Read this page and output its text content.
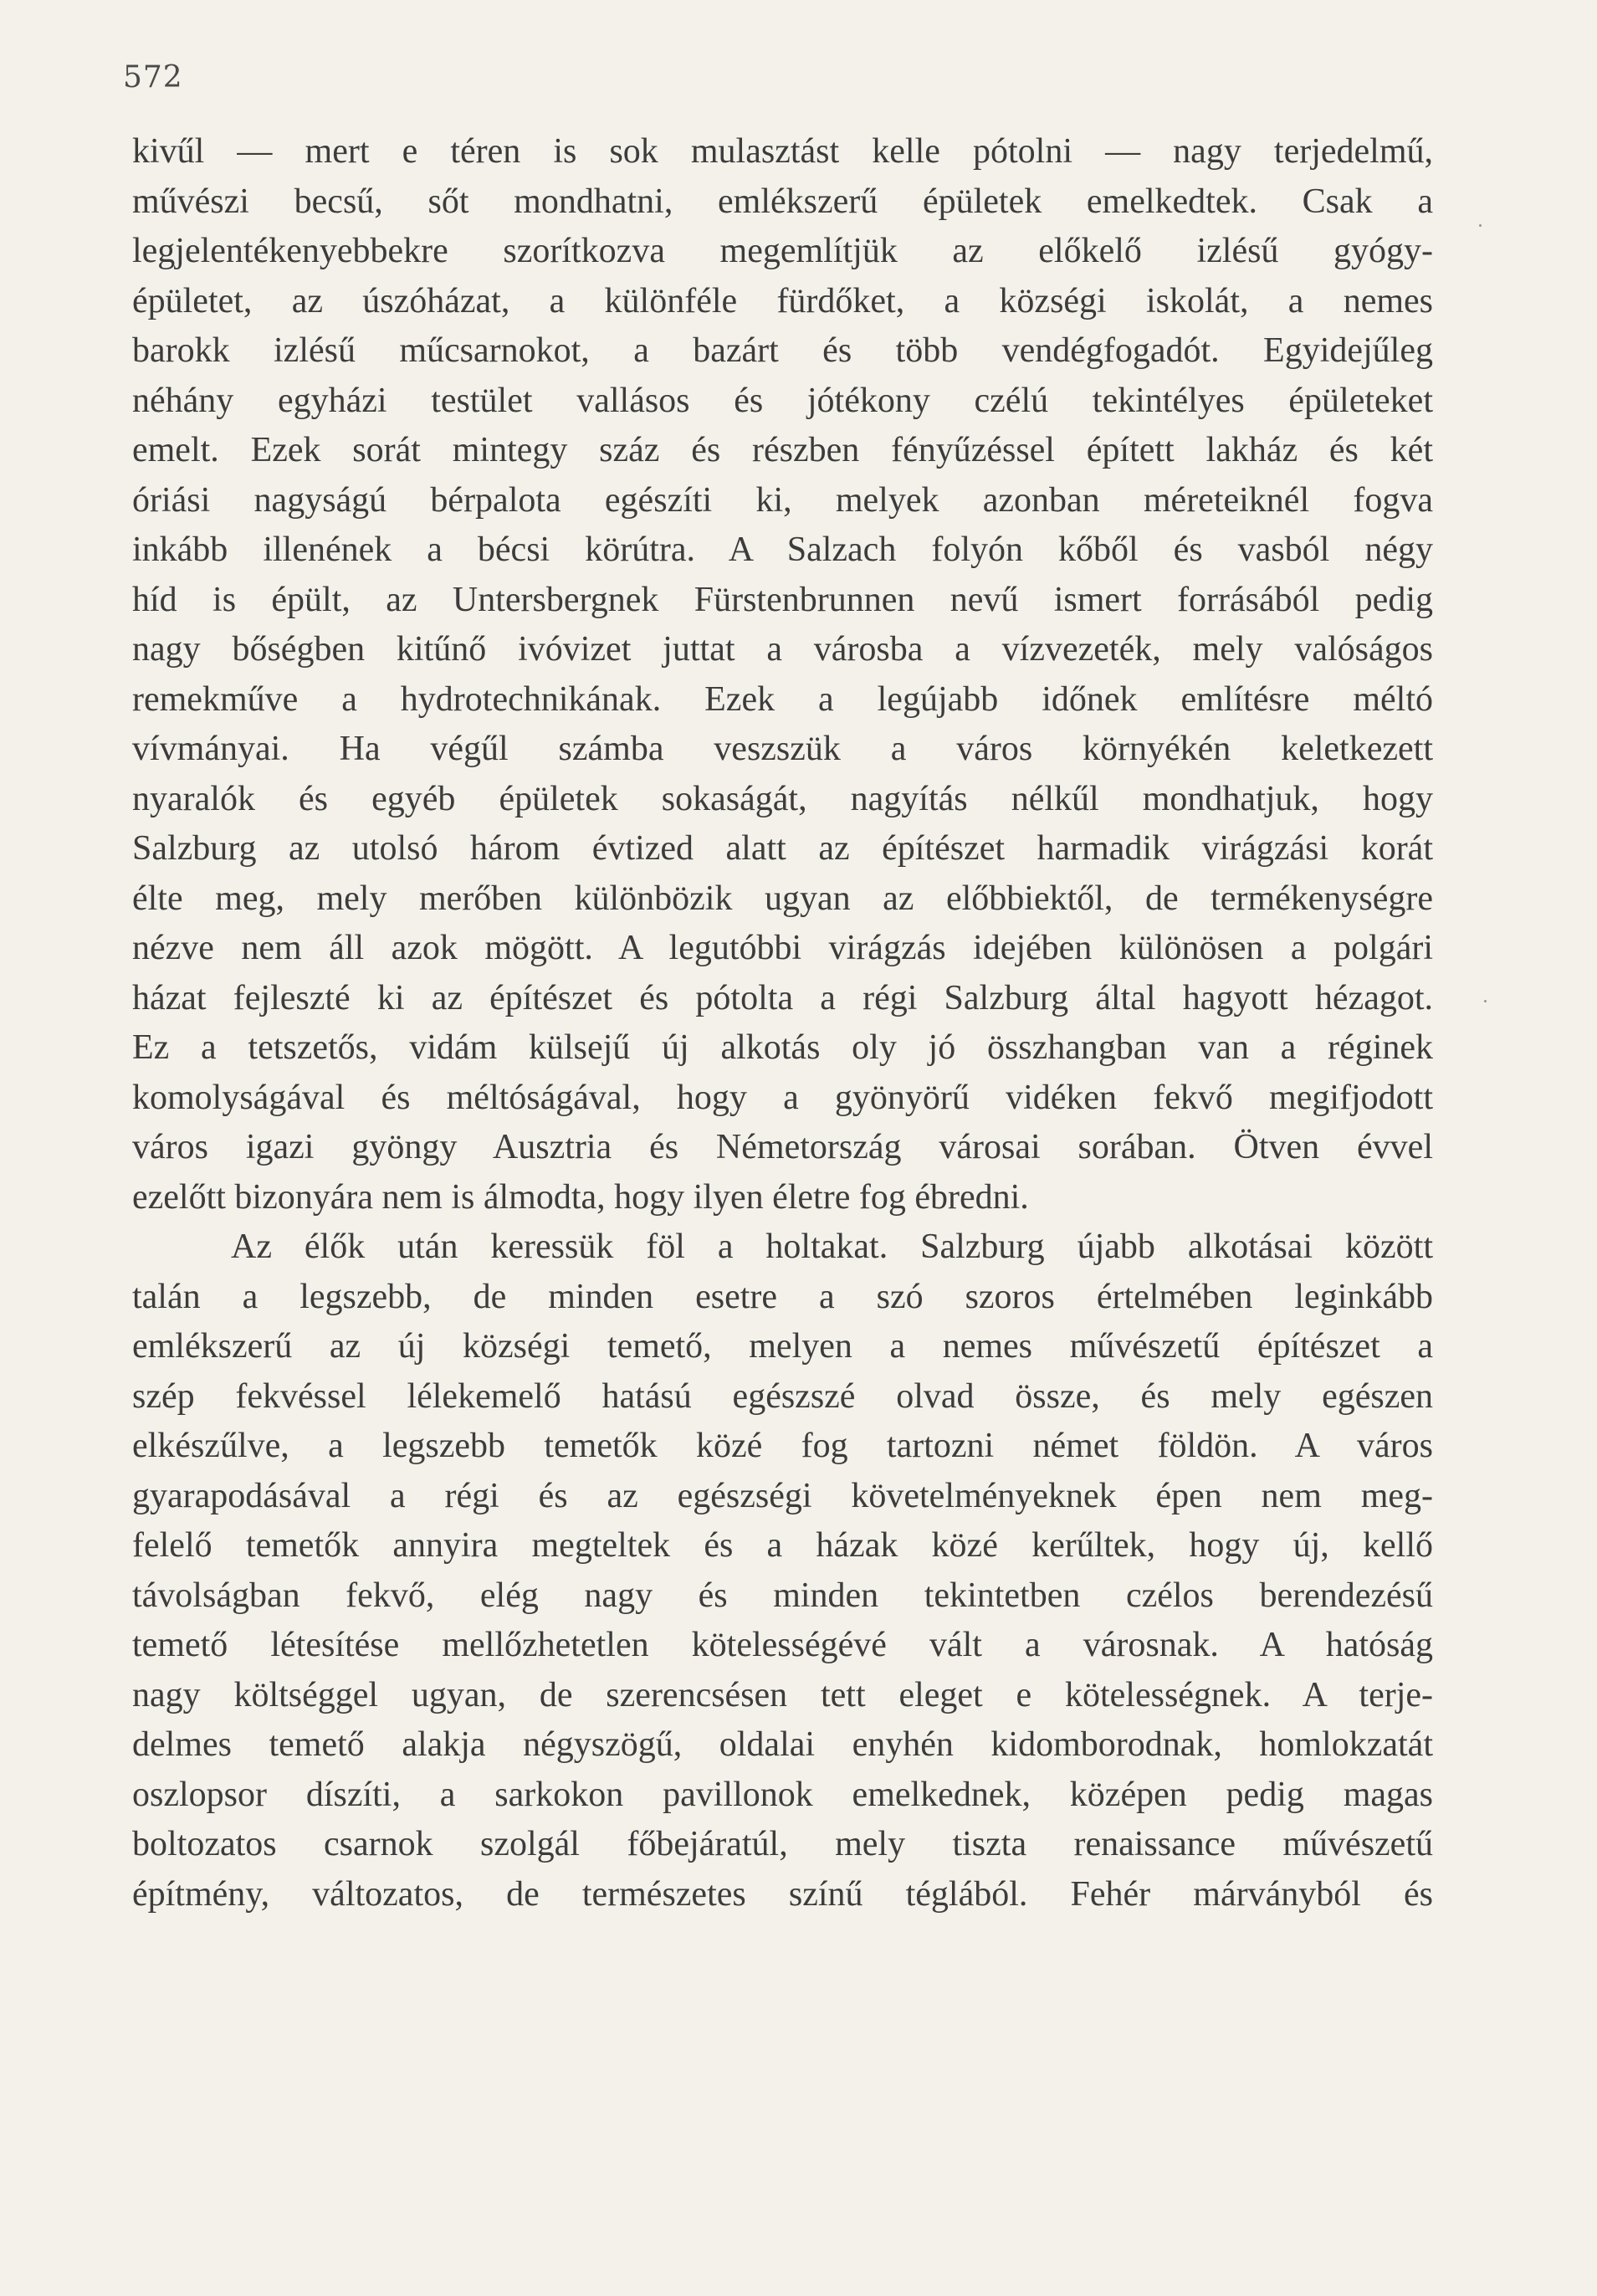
572
kivűl — mert e téren is sok mulasztást kelle pótolni — nagy terjedelmű,
művészi becsű, sőt mondhatni, emlékszerű épületek emelkedtek. Csak a
legjelentékenyebbekre szorítkozva megemlítjük az előkelő izlésű gyógy-
épületet, az úszóházat, a különféle fürdőket, a községi iskolát, a nemes
barokk izlésű műcsarnokot, a bazárt és több vendégfogadót. Egyidejűleg
néhány egyházi testület vallásos és jótékony czélú tekintélyes épületeket
emelt. Ezek sorát mintegy száz és részben fényűzéssel épített lakház és két
óriási nagyságú bérpalota egészíti ki, melyek azonban méreteiknél fogva
inkább illenének a bécsi körútra. A Salzach folyón kőből és vasból négy
híd is épült, az Untersbergnek Fürstenbrunnen nevű ismert forrásából pedig
nagy bőségben kitűnő ivóvizet juttat a városba a vízvezeték, mely valóságos
remekműve a hydrotechnikának. Ezek a legújabb időnek említésre méltó
vívmányai. Ha végűl számba veszszük a város környékén keletkezett
nyaralók és egyéb épületek sokaságát, nagyítás nélkűl mondhatjuk, hogy
Salzburg az utolsó három évtized alatt az építészet harmadik virágzási korát
élte meg, mely merőben különbözik ugyan az előbbiektől, de termékenységre
nézve nem áll azok mögött. A legutóbbi virágzás idejében különösen a polgári
házat fejleszté ki az építészet és pótolta a régi Salzburg által hagyott hézagot.
Ez a tetszetős, vidám külsejű új alkotás oly jó összhangban van a réginek
komolyságával és méltóságával, hogy a gyönyörű vidéken fekvő megifjodott
város igazi gyöngy Ausztria és Németország városai sorában. Ötven évvel
ezelőtt bizonyára nem is álmodta, hogy ilyen életre fog ébredni.
Az élők után keressük föl a holtakat. Salzburg újabb alkotásai között
talán a legszebb, de minden esetre a szó szoros értelmében leginkább
emlékszerű az új községi temető, melyen a nemes művészetű építészet a
szép fekvéssel lélekemelő hatású egészszé olvad össze, és mely egészen
elkészűlve, a legszebb temetők közé fog tartozni német földön. A város
gyarapodásával a régi és az egészségi követelményeknek épen nem meg-
felelő temetők annyira megteltek és a házak közé kerűltek, hogy új, kellő
távolságban fekvő, elég nagy és minden tekintetben czélos berendezésű
temető létesítése mellőzhetetlen kötelességévé vált a városnak. A hatóság
nagy költséggel ugyan, de szerencsésen tett eleget e kötelességnek. A terje-
delmes temető alakja négyszögű, oldalai enyhén kidomborodnak, homlokzatát
oszlopsor díszíti, a sarkokon pavillonok emelkednek, középen pedig magas
boltozatos csarnok szolgál főbejáratúl, mely tiszta renaissance művészetű
építmény, változatos, de természetes színű téglából. Fehér márványból és
